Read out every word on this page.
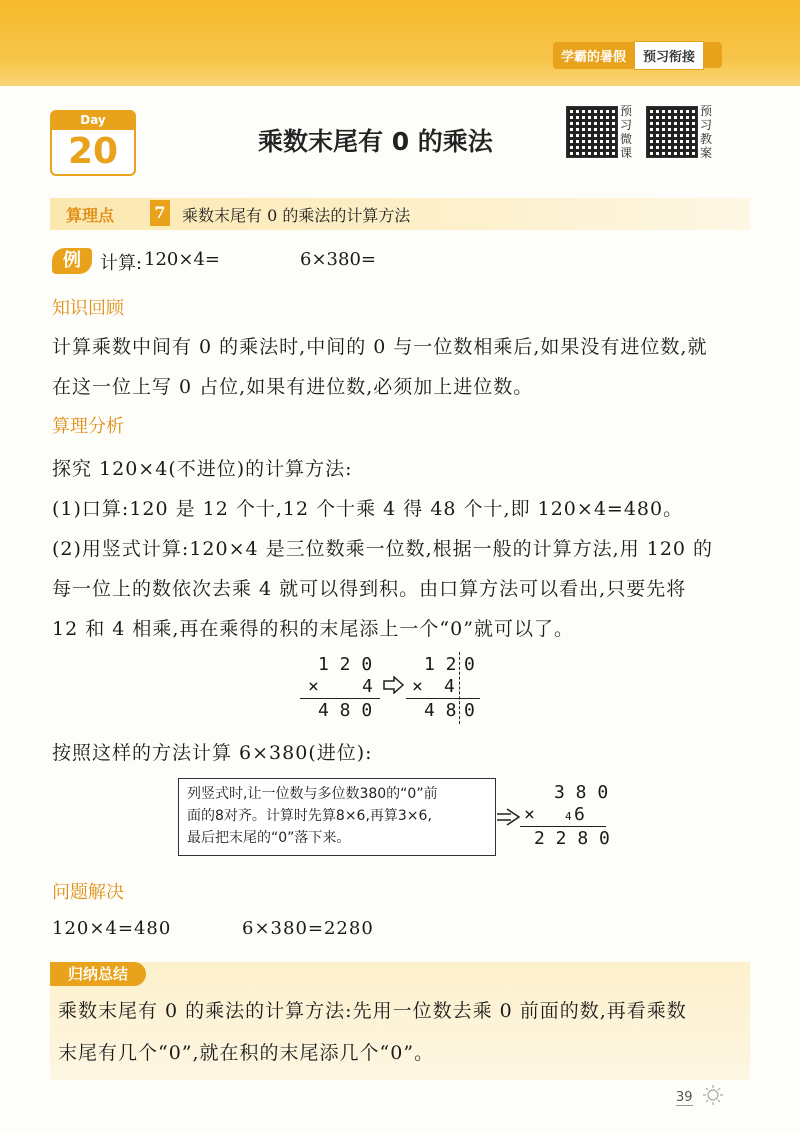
学霸的暑假	预习衔接
Day
20	乘数末尾有 0 的乘法
预习微课
预习教案
算理点	7 乘数末尾有 0 的乘法的计算方法
例	计算: 120×4=	6×380=
知识回顾
计算乘数中间有 0 的乘法时,中间的 0 与一位数相乘后,如果没有进位数,就
在这一位上写 0 占位,如果有进位数,必须加上进位数。
算理分析
探究 120×4(不进位)的计算方法:
(1)口算:120 是 12 个十,12 个十乘 4 得 48 个十,即 120×4=480。
(2)用竖式计算:120×4 是三位数乘一位数,根据一般的计算方法,用 120 的
每一位上的数依次去乘 4 就可以得到积。由口算方法可以看出,只要先将
12 和 4 相乘,再在乘得的积的末尾添上一个“0”就可以了。
1 2 0
× 4
4 8 0
1 2 0
× 4
4 8 0
按照这样的方法计算 6×380(进位):
列竖式时,让一位数与多位数380的“0”前
面的8对齐。计算时先算8×6,再算3×6,
最后把末尾的“0”落下来。
3 8 0
×	4 6
2 2 8 0
问题解决
120×4=480	6×380=2280
归纳总结
乘数末尾有 0 的乘法的计算方法:先用一位数去乘 0 前面的数,再看乘数
末尾有几个“0”,就在积的末尾添几个“0”。
39
